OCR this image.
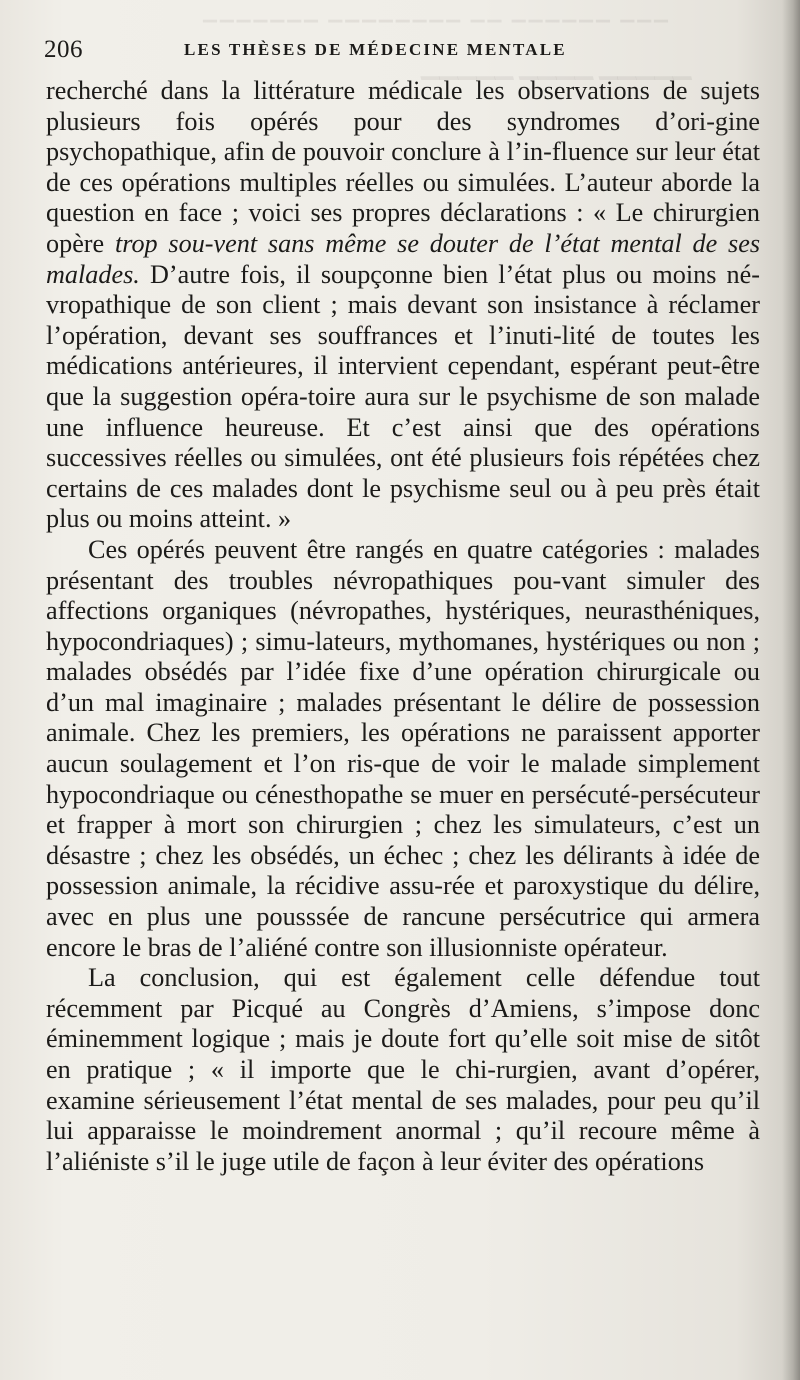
▁▁▁ ▁▁▁▁▁▁ ▁▁ ▁▁▁▁▁▁▁▁ ▁▁▁▁▁▁▁
▁▁▁▁▁ ▁▁▁▁ ▁▁▁▁▁
206	LES THÈSES DE MÉDECINE MENTALE

recherché dans la littérature médicale les observations de sujets plusieurs fois opérés pour des syndromes d’ori-gine psychopathique, afin de pouvoir conclure à l’in-fluence sur leur état de ces opérations multiples réelles ou simulées. L’auteur aborde la question en face ; voici ses propres déclarations : « Le chirurgien opère trop sou-vent sans même se douter de l’état mental de ses malades. D’autre fois, il soupçonne bien l’état plus ou moins né-vropathique de son client ; mais devant son insistance à réclamer l’opération, devant ses souffrances et l’inuti-lité de toutes les médications antérieures, il intervient cependant, espérant peut-être que la suggestion opéra-toire aura sur le psychisme de son malade une influence heureuse. Et c’est ainsi que des opérations successives réelles ou simulées, ont été plusieurs fois répétées chez certains de ces malades dont le psychisme seul ou à peu près était plus ou moins atteint. »

Ces opérés peuvent être rangés en quatre catégories : malades présentant des troubles névropathiques pou-vant simuler des affections organiques (névropathes, hystériques, neurasthéniques, hypocondriaques) ; simu-lateurs, mythomanes, hystériques ou non ; malades obsédés par l’idée fixe d’une opération chirurgicale ou d’un mal imaginaire ; malades présentant le délire de possession animale. Chez les premiers, les opérations ne paraissent apporter aucun soulagement et l’on ris-que de voir le malade simplement hypocondriaque ou cénesthopathe se muer en persécuté-persécuteur et frapper à mort son chirurgien ; chez les simulateurs, c’est un désastre ; chez les obsédés, un échec ; chez les délirants à idée de possession animale, la récidive assu-rée et paroxystique du délire, avec en plus une pousssée de rancune persécutrice qui armera encore le bras de l’aliéné contre son illusionniste opérateur.

La conclusion, qui est également celle défendue tout récemment par Picqué au Congrès d’Amiens, s’impose donc éminemment logique ; mais je doute fort qu’elle soit mise de sitôt en pratique ; « il importe que le chi-rurgien, avant d’opérer, examine sérieusement l’état mental de ses malades, pour peu qu’il lui apparaisse le moindrement anormal ; qu’il recoure même à l’aliéniste s’il le juge utile de façon à leur éviter des opérations
